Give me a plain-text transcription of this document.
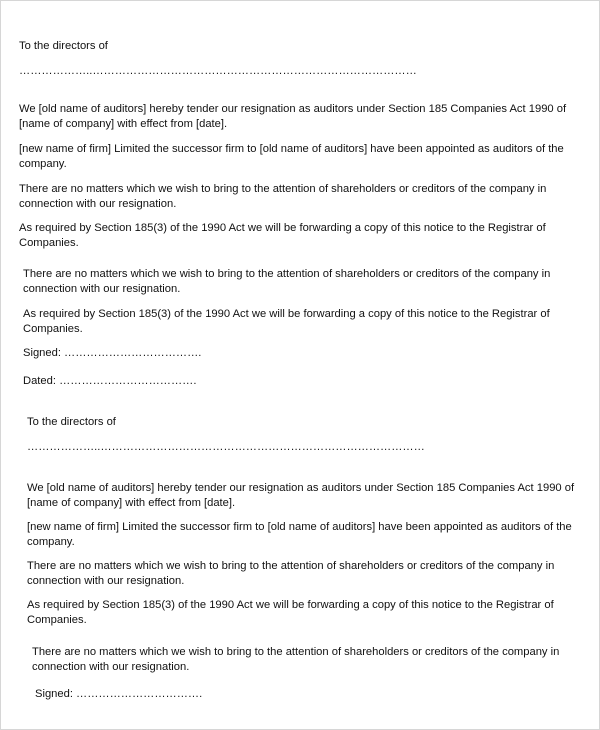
To the directors of
………………..……………………………………………………………………………
We [old name of auditors] hereby tender our resignation as auditors under Section 185 Companies Act 1990 of
[name of company] with effect from [date].
[new name of firm] Limited the successor firm to [old name of auditors] have been appointed as auditors of the
company.
There are no matters which we wish to bring to the attention of shareholders or creditors of the company in
connection with our resignation.
As required by Section 185(3) of the 1990 Act we will be forwarding a copy of this notice to the Registrar of
Companies.
There are no matters which we wish to bring to the attention of shareholders or creditors of the company in
connection with our resignation.
As required by Section 185(3) of the 1990 Act we will be forwarding a copy of this notice to the Registrar of
Companies.
Signed: ……………………………….
Dated: ……………………………….
To the directors of
………………..……………………………………………………………………………
We [old name of auditors] hereby tender our resignation as auditors under Section 185 Companies Act 1990 of
[name of company] with effect from [date].
[new name of firm] Limited the successor firm to [old name of auditors] have been appointed as auditors of the
company.
There are no matters which we wish to bring to the attention of shareholders or creditors of the company in
connection with our resignation.
As required by Section 185(3) of the 1990 Act we will be forwarding a copy of this notice to the Registrar of
Companies.
There are no matters which we wish to bring to the attention of shareholders or creditors of the company in
connection with our resignation.
Signed: …………………………….
